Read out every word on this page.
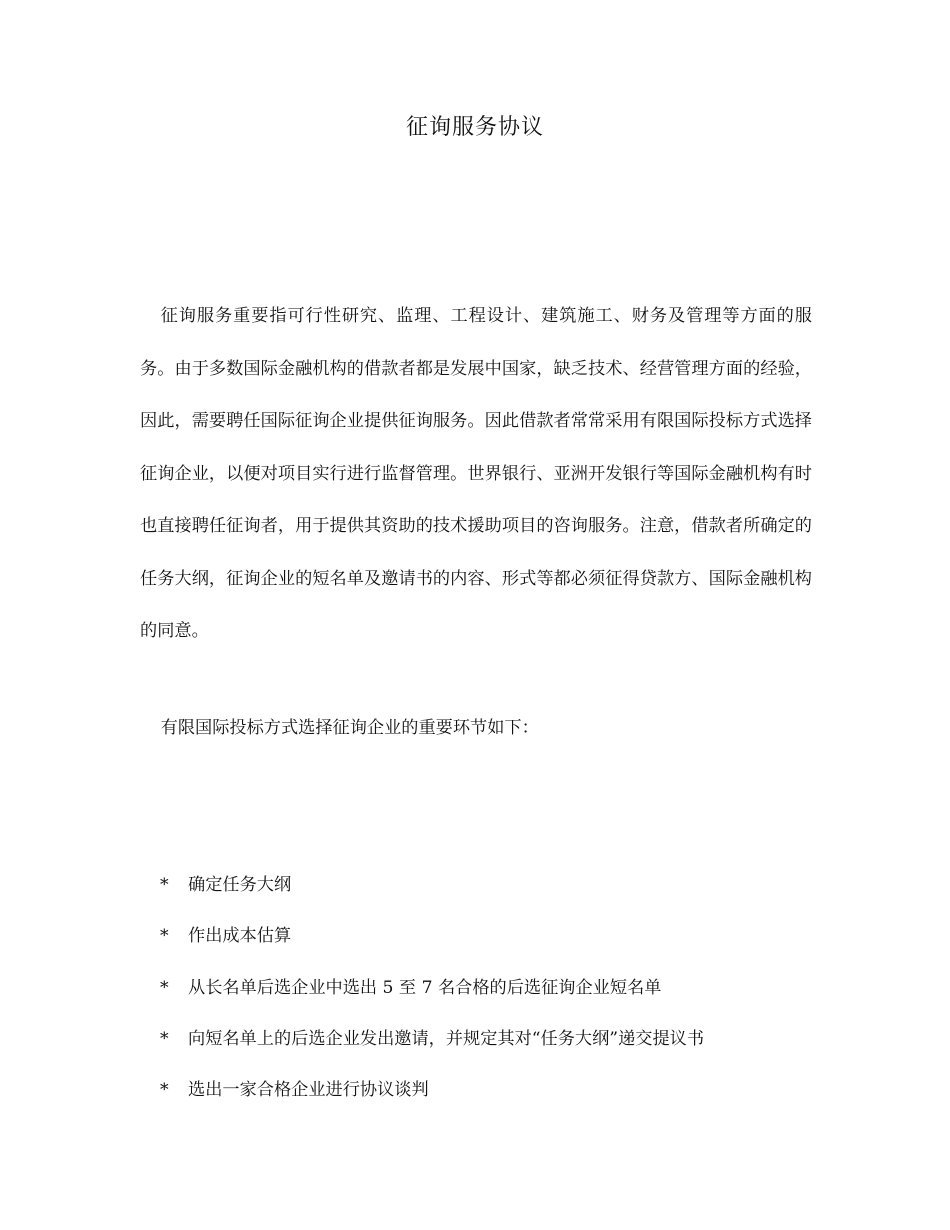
征询服务协议
征询服务重要指可行性研究、监理、工程设计、建筑施工、财务及管理等方面的服务。由于多数国际金融机构的借款者都是发展中国家，缺乏技术、经营管理方面的经验，因此，需要聘任国际征询企业提供征询服务。因此借款者常常采用有限国际投标方式选择征询企业，以便对项目实行进行监督管理。世界银行、亚洲开发银行等国际金融机构有时也直接聘任征询者，用于提供其资助的技术援助项目的咨询服务。注意，借款者所确定的任务大纲，征询企业的短名单及邀请书的内容、形式等都必须征得贷款方、国际金融机构的同意。
有限国际投标方式选择征询企业的重要环节如下：
* 确定任务大纲
* 作出成本估算
* 从长名单后选企业中选出 5 至 7 名合格的后选征询企业短名单
* 向短名单上的后选企业发出邀请，并规定其对“任务大纲”递交提议书
* 选出一家合格企业进行协议谈判
